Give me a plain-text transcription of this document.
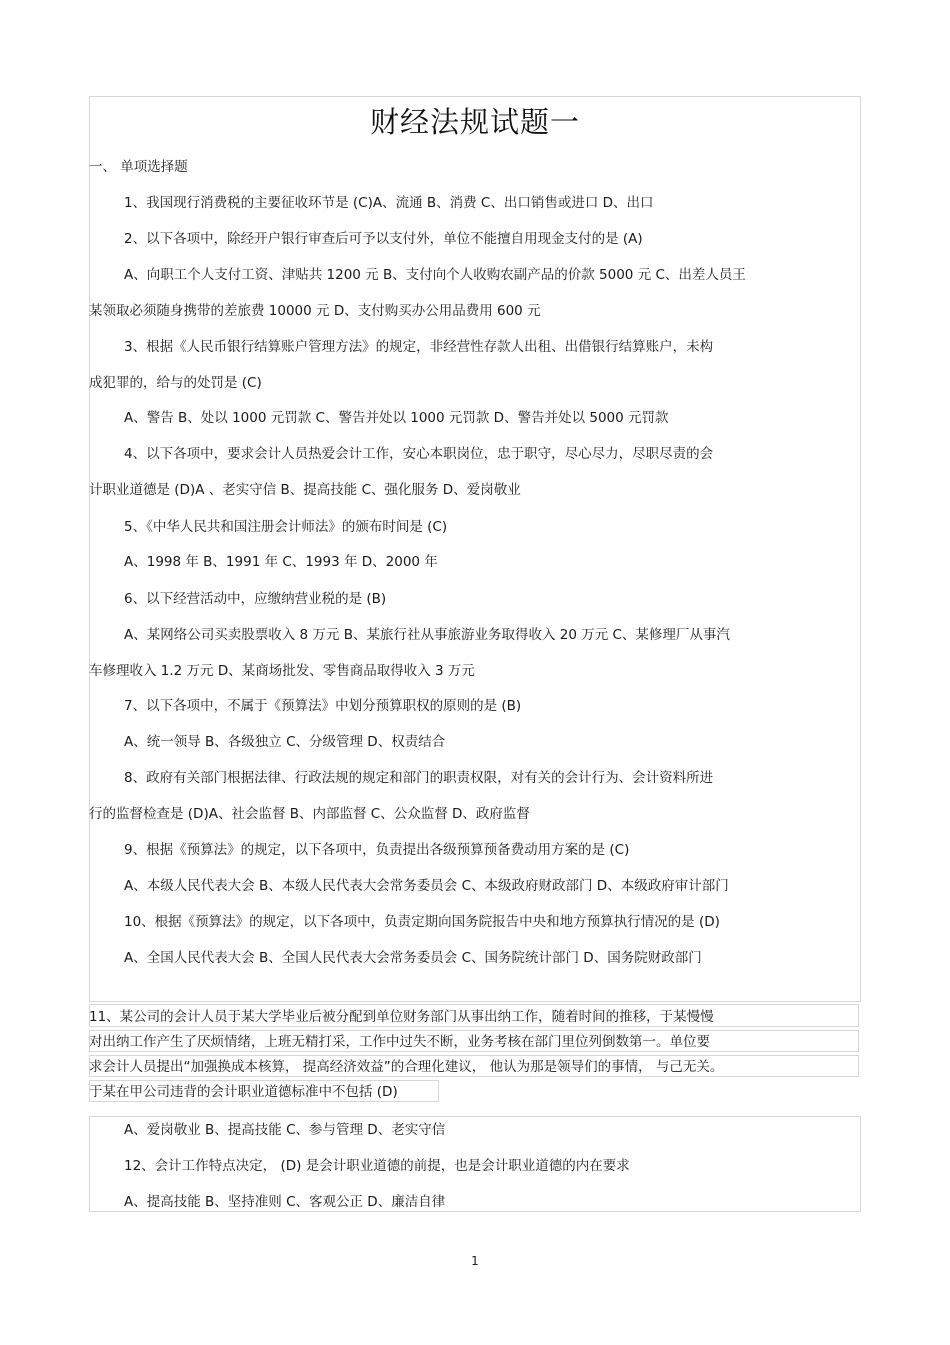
财经法规试题一
一、 单项选择题
1、我国现行消费税的主要征收环节是 (C)A、流通 B、消费 C、出口销售或进口 D、出口
2、以下各项中，除经开户银行审查后可予以支付外，单位不能擅自用现金支付的是 (A)
A、向职工个人支付工资、津贴共 1200 元 B、支付向个人收购农副产品的价款 5000 元 C、出差人员王
某领取必须随身携带的差旅费 10000 元 D、支付购买办公用品费用 600 元
3、根据《人民币银行结算账户管理方法》的规定，非经营性存款人出租、出借银行结算账户，未构
成犯罪的，给与的处罚是 (C)
A、警告 B、处以 1000 元罚款 C、警告并处以 1000 元罚款 D、警告并处以 5000 元罚款
4、以下各项中，要求会计人员热爱会计工作，安心本职岗位，忠于职守，尽心尽力，尽职尽责的会
计职业道德是 (D)A 、老实守信 B、提高技能 C、强化服务 D、爱岗敬业
5、《中华人民共和国注册会计师法》的颁布时间是 (C)
A、1998 年 B、1991 年 C、1993 年 D、2000 年
6、以下经营活动中，应缴纳营业税的是 (B)
A、某网络公司买卖股票收入 8 万元 B、某旅行社从事旅游业务取得收入 20 万元 C、某修理厂从事汽
车修理收入 1.2 万元 D、某商场批发、零售商品取得收入 3 万元
7、以下各项中，不属于《预算法》中划分预算职权的原则的是 (B)
A、统一领导 B、各级独立 C、分级管理 D、权责结合
8、政府有关部门根据法律、行政法规的规定和部门的职责权限，对有关的会计行为、会计资料所进
行的监督检查是 (D)A、社会监督 B、内部监督 C、公众监督 D、政府监督
9、根据《预算法》的规定，以下各项中，负责提出各级预算预备费动用方案的是 (C)
A、本级人民代表大会 B、本级人民代表大会常务委员会 C、本级政府财政部门 D、本级政府审计部门
10、根据《预算法》的规定，以下各项中，负责定期向国务院报告中央和地方预算执行情况的是 (D)
A、全国人民代表大会 B、全国人民代表大会常务委员会 C、国务院统计部门 D、国务院财政部门
11、某公司的会计人员于某大学毕业后被分配到单位财务部门从事出纳工作，随着时间的推移，于某慢慢
对出纳工作产生了厌烦情绪，上班无精打采，工作中过失不断，业务考核在部门里位列倒数第一。单位要
求会计人员提出“加强换成本核算， 提高经济效益”的合理化建议， 他认为那是领导们的事情， 与己无关。
于某在甲公司违背的会计职业道德标准中不包括 (D)
A、爱岗敬业 B、提高技能 C、参与管理 D、老实守信
12、会计工作特点决定， (D) 是会计职业道德的前提，也是会计职业道德的内在要求
A、提高技能 B、坚持准则 C、客观公正 D、廉洁自律
1
